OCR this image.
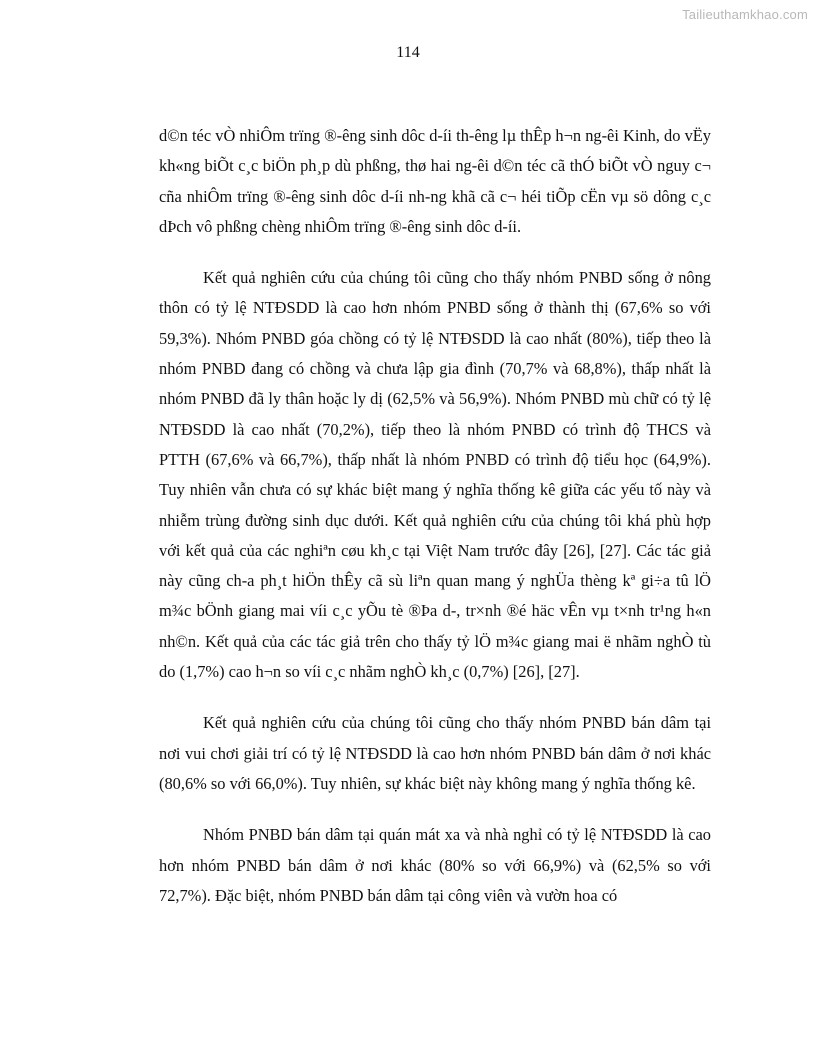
Tailieuthamkhao.com
114

d©n téc vÒ nhiÔm trïng ®-êng sinh dôc d-íi th-êng lµ thÊp h¬n ng-êi Kinh, do vËy kh«ng biÕt c¸c biÖn ph¸p dù phßng, thø hai ng-êi d©n téc cã thÓ biÕt vÒ nguy c¬ cña nhiÔm trïng ®-êng sinh dôc d-íi nh-ng khã cã c¬ héi tiÕp cËn vµ sö dông c¸c dÞch vô phßng chèng nhiÔm trïng ®-êng sinh dôc d-íi.

Kết quả nghiên cứu của chúng tôi cũng cho thấy nhóm PNBD sống ở nông thôn có tỷ lệ NTĐSDD là cao hơn nhóm PNBD sống ở thành thị (67,6% so với 59,3%). Nhóm PNBD góa chồng có tỷ lệ NTĐSDD là cao nhất (80%), tiếp theo là nhóm PNBD đang có chồng và chưa lập gia đình (70,7% và 68,8%), thấp nhất là nhóm PNBD đã ly thân hoặc ly dị (62,5% và 56,9%). Nhóm PNBD mù chữ có tỷ lệ NTĐSDD là cao nhất (70,2%), tiếp theo là nhóm PNBD có trình độ THCS và PTTH (67,6% và 66,7%), thấp nhất là nhóm PNBD có trình độ tiểu học (64,9%). Tuy nhiên vẫn chưa có sự khác biệt mang ý nghĩa thống kê giữa các yếu tố này và nhiễm trùng đường sinh dục dưới. Kết quả nghiên cứu của chúng tôi khá phù hợp với kết quả của các nghiªn cøu kh¸c tại Việt Nam trước đây [26], [27]. Các tác giả này cũng ch-a ph¸t hiÖn thÊy cã sù liªn quan mang ý nghÜa thèng kª gi÷a tû lÖ m¾c bÖnh giang mai víi c¸c yÕu tè ®Þa d-, tr×nh ®é häc vÊn vµ t×nh tr¹ng h«n nh©n. Kết quả của các tác giả trên cho thấy tỷ lÖ m¾c giang mai ë nhãm nghÒ tù do (1,7%) cao h¬n so víi c¸c nhãm nghÒ kh¸c (0,7%) [26], [27].

Kết quả nghiên cứu của chúng tôi cũng cho thấy nhóm PNBD bán dâm tại nơi vui chơi giải trí có tỷ lệ NTĐSDD là cao hơn nhóm PNBD bán dâm ở nơi khác (80,6% so với 66,0%). Tuy nhiên, sự khác biệt này không mang ý nghĩa thống kê.

Nhóm PNBD bán dâm tại quán mát xa và nhà nghỉ có tỷ lệ NTĐSDD là cao hơn nhóm PNBD bán dâm ở nơi khác (80% so với 66,9%) và (62,5% so với 72,7%). Đặc biệt, nhóm PNBD bán dâm tại công viên và vườn hoa có
